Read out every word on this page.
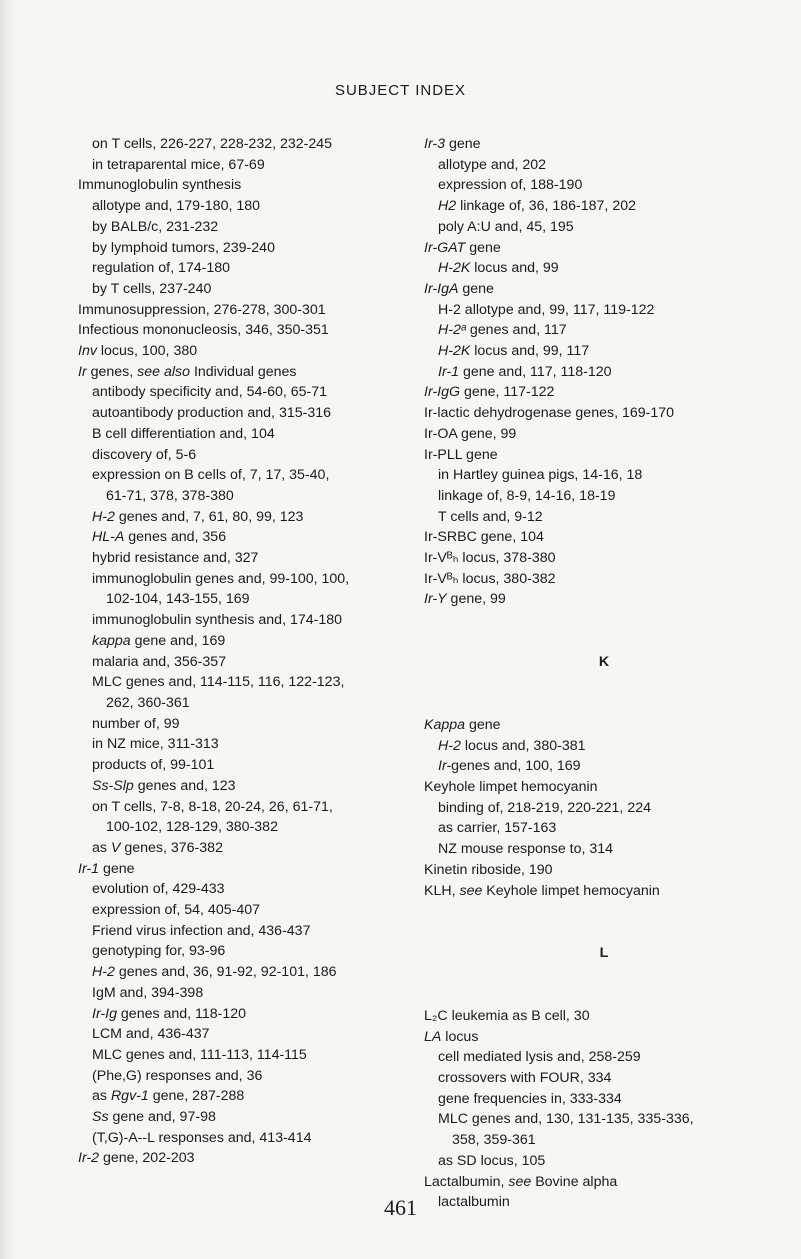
SUBJECT INDEX
on T cells, 226-227, 228-232, 232-245
in tetraparental mice, 67-69
Immunoglobulin synthesis
allotype and, 179-180, 180
by BALB/c, 231-232
by lymphoid tumors, 239-240
regulation of, 174-180
by T cells, 237-240
Immunosuppression, 276-278, 300-301
Infectious mononucleosis, 346, 350-351
Inv locus, 100, 380
Ir genes, see also Individual genes
antibody specificity and, 54-60, 65-71
autoantibody production and, 315-316
B cell differentiation and, 104
discovery of, 5-6
expression on B cells of, 7, 17, 35-40,
61-71, 378, 378-380
H-2 genes and, 7, 61, 80, 99, 123
HL-A genes and, 356
hybrid resistance and, 327
immunoglobulin genes and, 99-100, 100,
102-104, 143-155, 169
immunoglobulin synthesis and, 174-180
kappa gene and, 169
malaria and, 356-357
MLC genes and, 114-115, 116, 122-123,
262, 360-361
number of, 99
in NZ mice, 311-313
products of, 99-101
Ss-Slp genes and, 123
on T cells, 7-8, 8-18, 20-24, 26, 61-71,
100-102, 128-129, 380-382
as V genes, 376-382
Ir-1 gene
evolution of, 429-433
expression of, 54, 405-407
Friend virus infection and, 436-437
genotyping for, 93-96
H-2 genes and, 36, 91-92, 92-101, 186
IgM and, 394-398
Ir-Ig genes and, 118-120
LCM and, 436-437
MLC genes and, 111-113, 114-115
(Phe,G) responses and, 36
as Rgv-1 gene, 287-288
Ss gene and, 97-98
(T,G)-A--L responses and, 413-414
Ir-2 gene, 202-203
Ir-3 gene
allotype and, 202
expression of, 188-190
H2 linkage of, 36, 186-187, 202
poly A:U and, 45, 195
Ir-GAT gene
H-2K locus and, 99
Ir-IgA gene
H-2 allotype and, 99, 117, 119-122
H-2ᵃ genes and, 117
H-2K locus and, 99, 117
Ir-1 gene and, 117, 118-120
Ir-IgG gene, 117-122
Ir-lactic dehydrogenase genes, 169-170
Ir-OA gene, 99
Ir-PLL gene
in Hartley guinea pigs, 14-16, 18
linkage of, 8-9, 14-16, 18-19
T cells and, 9-12
Ir-SRBC gene, 104
Ir-Vᴮₕ locus, 378-380
Ir-Vᴮₕ locus, 380-382
Ir-Y gene, 99
K
Kappa gene
H-2 locus and, 380-381
Ir-genes and, 100, 169
Keyhole limpet hemocyanin
binding of, 218-219, 220-221, 224
as carrier, 157-163
NZ mouse response to, 314
Kinetin riboside, 190
KLH, see Keyhole limpet hemocyanin
L
L₂C leukemia as B cell, 30
LA locus
cell mediated lysis and, 258-259
crossovers with FOUR, 334
gene frequencies in, 333-334
MLC genes and, 130, 131-135, 335-336,
358, 359-361
as SD locus, 105
Lactalbumin, see Bovine alpha
lactalbumin
461
